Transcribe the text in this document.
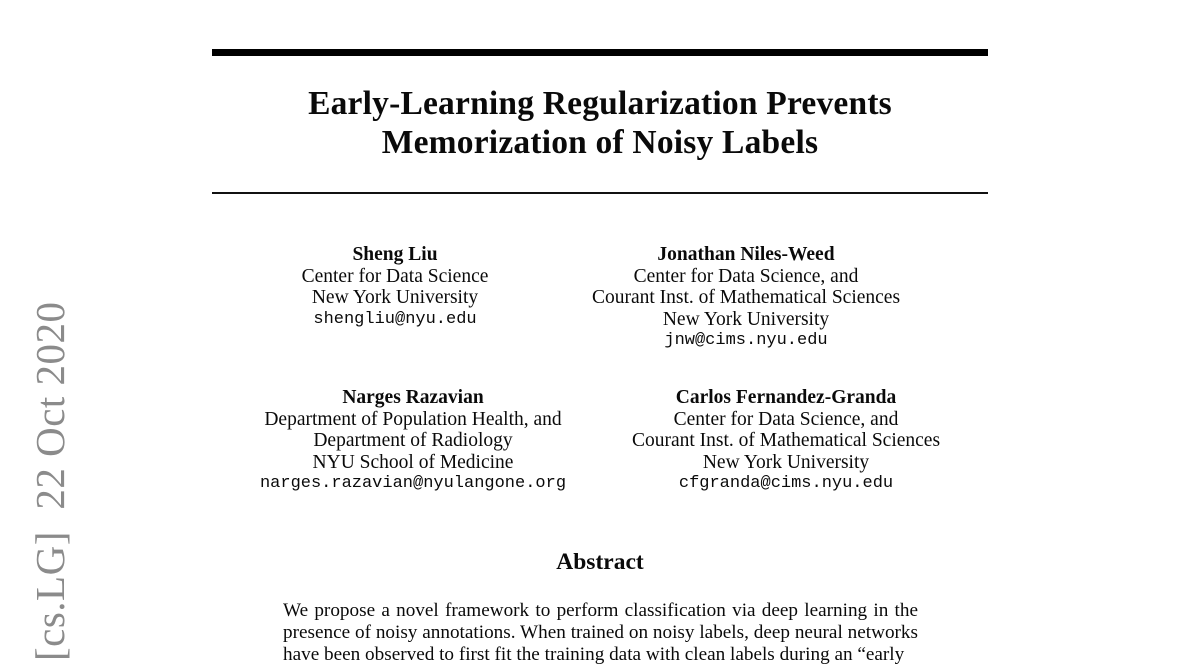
[cs.LG]  22 Oct 2020
Early-Learning Regularization Prevents
Memorization of Noisy Labels
Sheng Liu
Center for Data Science
New York University
shengliu@nyu.edu
Jonathan Niles-Weed
Center for Data Science, and
Courant Inst. of Mathematical Sciences
New York University
jnw@cims.nyu.edu
Narges Razavian
Department of Population Health, and
Department of Radiology
NYU School of Medicine
narges.razavian@nyulangone.org
Carlos Fernandez-Granda
Center for Data Science, and
Courant Inst. of Mathematical Sciences
New York University
cfgranda@cims.nyu.edu
Abstract
We propose a novel framework to perform classification via deep learning in the
presence of noisy annotations. When trained on noisy labels, deep neural networks
have been observed to first fit the training data with clean labels during an “early
